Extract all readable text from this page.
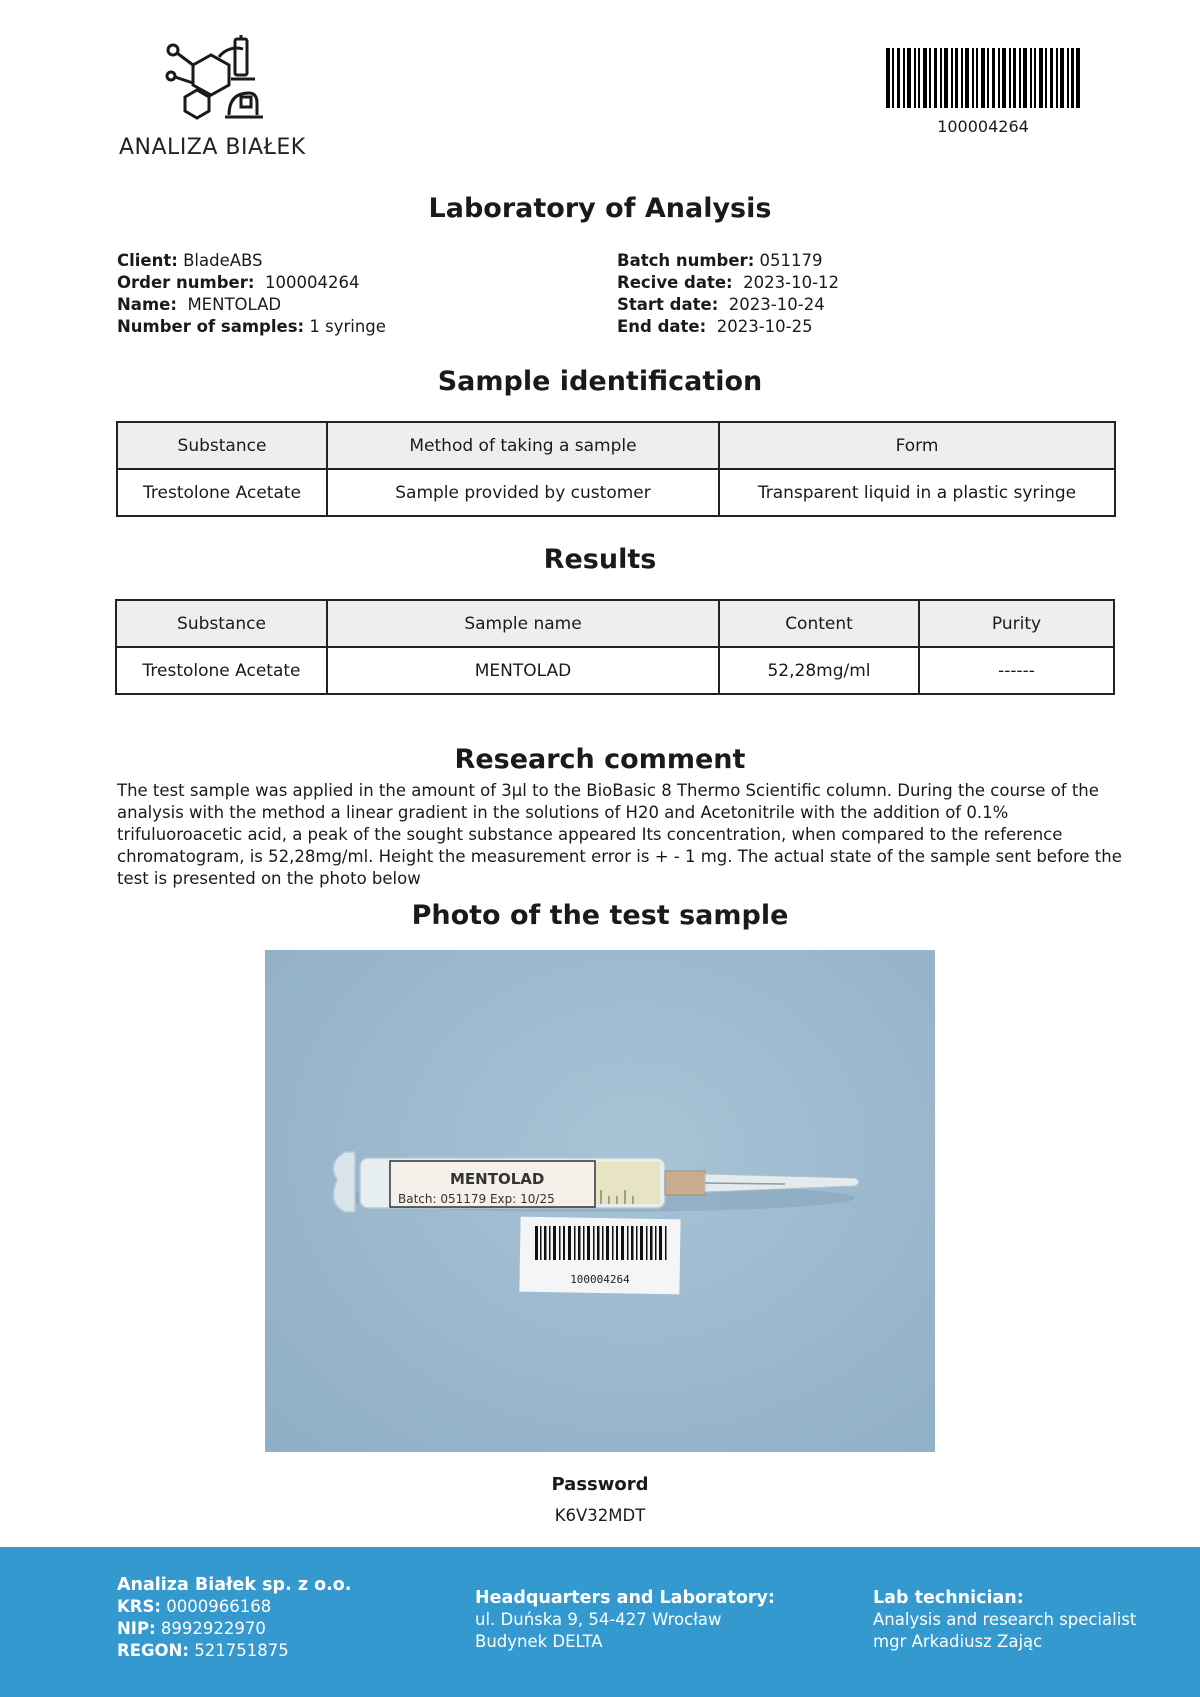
ANALIZA BIAŁEK
100004264
Laboratory of Analysis
Client: BladeABS
Order number: 100004264
Name: MENTOLAD
Number of samples: 1 syringe
Batch number: 051179
Recive date: 2023-10-12
Start date: 2023-10-24
End date: 2023-10-25
Sample identification
Substance	Method of taking a sample	Form
Trestolone Acetate	Sample provided by customer	Transparent liquid in a plastic syringe
Results
Substance	Sample name	Content	Purity
Trestolone Acetate	MENTOLAD	52,28mg/ml	------
Research comment
The test sample was applied in the amount of 3µl to the BioBasic 8 Thermo Scientific column. During the course of the analysis with the method a linear gradient in the solutions of H20 and Acetonitrile with the addition of 0.1% trifuluoroacetic acid, a peak of the sought substance appeared Its concentration, when compared to the reference chromatogram, is 52,28mg/ml. Height the measurement error is + - 1 mg. The actual state of the sample sent before the test is presented on the photo below
Photo of the test sample
MENTOLAD
Batch: 051179 Exp: 10/25
100004264
Password
K6V32MDT
Analiza Białek sp. z o.o.
KRS: 0000966168
NIP: 8992922970
REGON: 521751875
Headquarters and Laboratory:
ul. Duńska 9, 54-427 Wrocław
Budynek DELTA
Lab technician:
Analysis and research specialist
mgr Arkadiusz Zając
